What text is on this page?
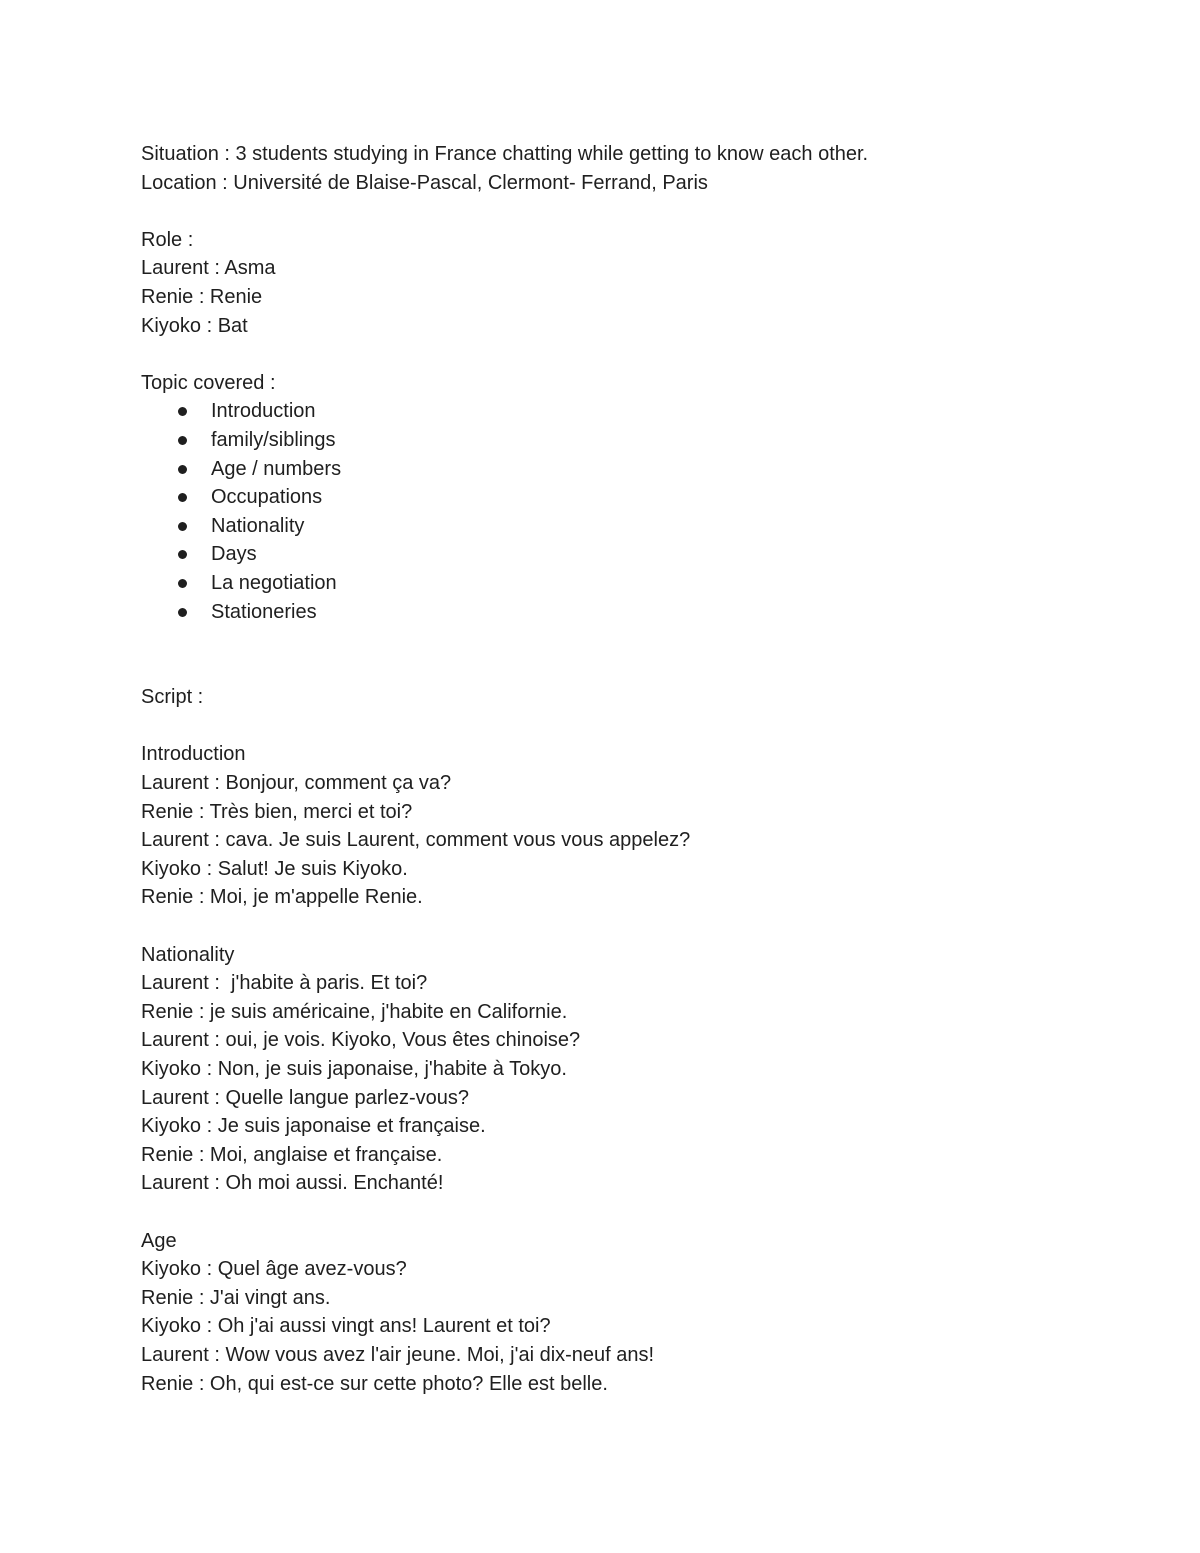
Situation : 3 students studying in France chatting while getting to know each other.
Location : Université de Blaise-Pascal, Clermont- Ferrand, Paris
Role :
Laurent : Asma
Renie : Renie
Kiyoko : Bat
Topic covered :
Introduction
family/siblings
Age / numbers
Occupations
Nationality
Days
La negotiation
Stationeries
Script :
Introduction
Laurent : Bonjour, comment ça va?
Renie : Très bien, merci et toi?
Laurent : cava. Je suis Laurent, comment vous vous appelez?
Kiyoko : Salut! Je suis Kiyoko.
Renie : Moi, je m'appelle Renie.
Nationality
Laurent :  j'habite à paris. Et toi?
Renie : je suis américaine, j'habite en Californie.
Laurent : oui, je vois. Kiyoko, Vous êtes chinoise?
Kiyoko : Non, je suis japonaise, j'habite à Tokyo.
Laurent : Quelle langue parlez-vous?
Kiyoko : Je suis japonaise et française.
Renie : Moi, anglaise et française.
Laurent : Oh moi aussi. Enchanté!
Age
Kiyoko : Quel âge avez-vous?
Renie : J'ai vingt ans.
Kiyoko : Oh j'ai aussi vingt ans! Laurent et toi?
Laurent : Wow vous avez l'air jeune. Moi, j'ai dix-neuf ans!
Renie : Oh, qui est-ce sur cette photo? Elle est belle.
